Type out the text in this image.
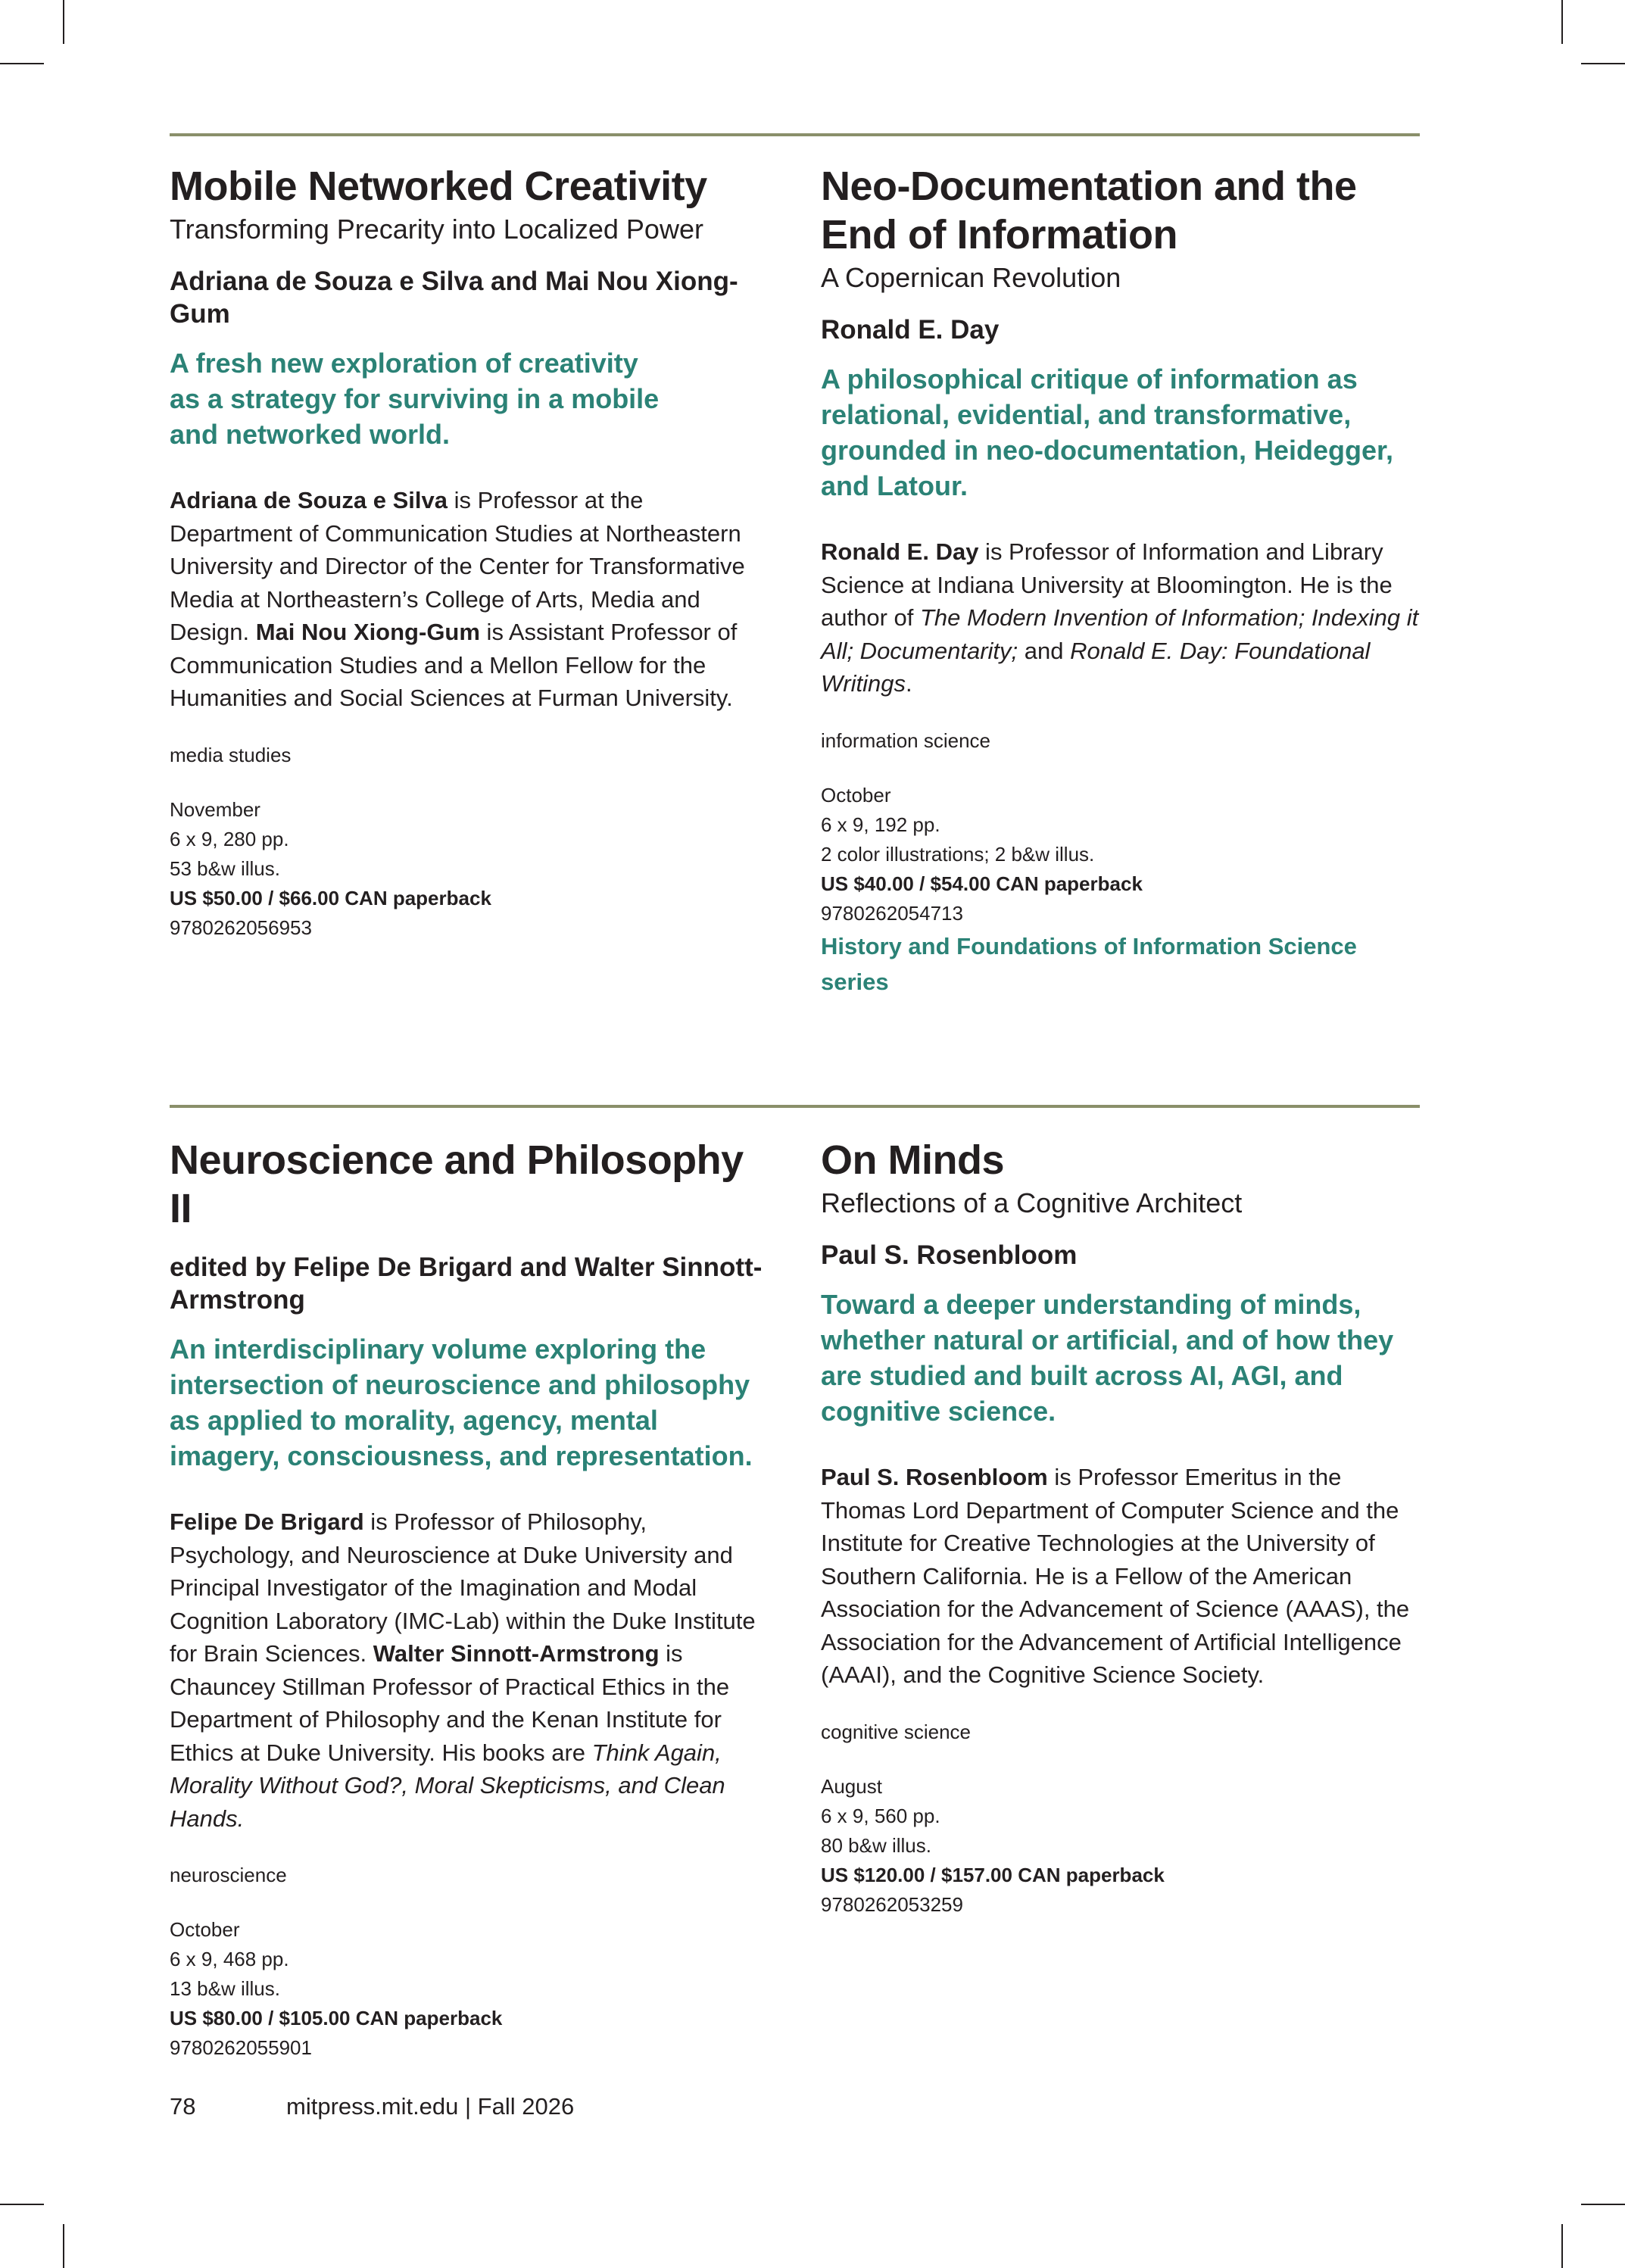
Mobile Networked Creativity

Transforming Precarity into Localized Power

Adriana de Souza e Silva and Mai Nou Xiong-Gum

A fresh new exploration of creativity as a strategy for surviving in a mobile and networked world.

Adriana de Souza e Silva is Professor at the Department of Communication Studies at Northeastern University and Director of the Center for Transformative Media at Northeastern’s College of Arts, Media and Design. Mai Nou Xiong-Gum is Assistant Professor of Communication Studies and a Mellon Fellow for the Humanities and Social Sciences at Furman University.

media studies

November
6 x 9, 280 pp.
53 b&w illus.
US $50.00 / $66.00 CAN paperback
9780262056953
Neo-Documentation and the End of Information

A Copernican Revolution

Ronald E. Day

A philosophical critique of information as relational, evidential, and transformative, grounded in neo-documentation, Heidegger, and Latour.

Ronald E. Day is Professor of Information and Library Science at Indiana University at Bloomington. He is the author of The Modern Invention of Information; Indexing it All; Documentarity; and Ronald E. Day: Foundational Writings.

information science

October
6 x 9, 192 pp.
2 color illustrations; 2 b&w illus.
US $40.00 / $54.00 CAN paperback
9780262054713

History and Foundations of Information Science series

Neuroscience and Philosophy II

edited by Felipe De Brigard and Walter Sinnott-Armstrong

An interdisciplinary volume exploring the intersection of neuroscience and philosophy as applied to morality, agency, mental imagery, consciousness, and representation.

Felipe De Brigard is Professor of Philosophy, Psychology, and Neuroscience at Duke University and Principal Investigator of the Imagination and Modal Cognition Laboratory (IMC-Lab) within the Duke Institute for Brain Sciences. Walter Sinnott-Armstrong is Chauncey Stillman Professor of Practical Ethics in the Department of Philosophy and the Kenan Institute for Ethics at Duke University. His books are Think Again, Morality Without God?, Moral Skepticisms, and Clean Hands.

neuroscience

October
6 x 9, 468 pp.
13 b&w illus.
US $80.00 / $105.00 CAN paperback
9780262055901
On Minds

Reflections of a Cognitive Architect

Paul S. Rosenbloom

Toward a deeper understanding of minds, whether natural or artificial, and of how they are studied and built across AI, AGI, and cognitive science.

Paul S. Rosenbloom is Professor Emeritus in the Thomas Lord Department of Computer Science and the Institute for Creative Technologies at the University of Southern California. He is a Fellow of the American Association for the Advancement of Science (AAAS), the Association for the Advancement of Artificial Intelligence (AAAI), and the Cognitive Science Society.

cognitive science

August
6 x 9, 560 pp.
80 b&w illus.
US $120.00 / $157.00 CAN paperback
9780262053259
78	mitpress.mit.edu | Fall 2026
